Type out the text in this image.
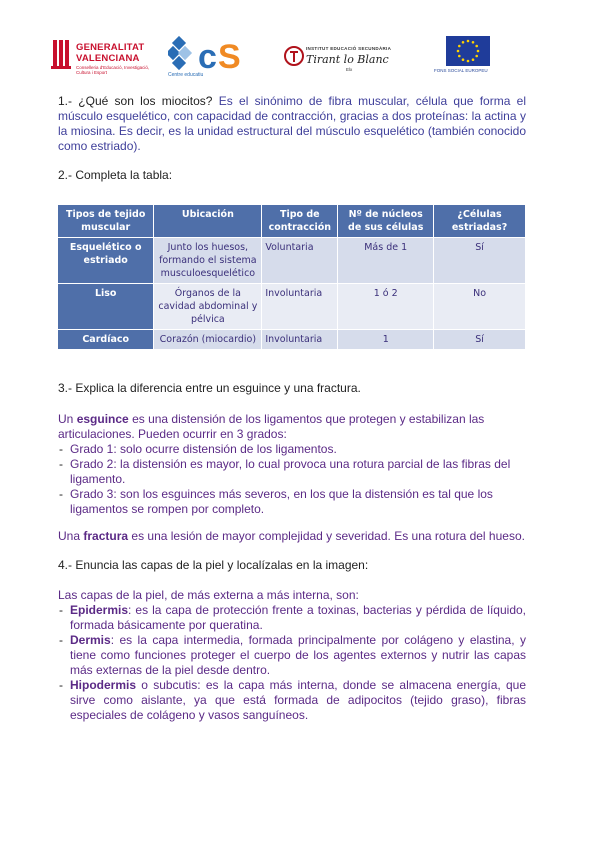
GENERALITAT
VALENCIANA
Conselleria d'Educació, Investigació, Cultura i Esport	c S
Centre educatiu
INSTITUT EDUCACIÓ SECUNDÀRIA
Tirant lo Blanc
Elx	FONS SOCIAL EUROPEU
1.- ¿Qué son los miocitos? Es el sinónimo de fibra muscular, célula que forma el músculo esquelético, con capacidad de contracción, gracias a dos proteínas: la actina y la miosina. Es decir, es la unidad estructural del músculo esquelético (también conocido como estriado).
2.- Completa la tabla:
Tipos de tejido muscular	Ubicación	Tipo de contracción	Nº de núcleos de sus células	¿Células estriadas?
Esquelético o estriado	Junto los huesos, formando el sistema musculoesquelético	Voluntaria	Más de 1	Sí
Liso	Órganos de la cavidad abdominal y pélvica	Involuntaria	1 ó 2	No
Cardíaco	Corazón (miocardio)	Involuntaria	1	Sí
3.- Explica la diferencia entre un esguince y una fractura.
Un esguince es una distensión de los ligamentos que protegen y estabilizan las articulaciones. Pueden ocurrir en 3 grados:
- Grado 1: solo ocurre distensión de los ligamentos.
- Grado 2: la distensión es mayor, lo cual provoca una rotura parcial de las fibras del ligamento.
- Grado 3: son los esguinces más severos, en los que la distensión es tal que los ligamentos se rompen por completo.
Una fractura es una lesión de mayor complejidad y severidad. Es una rotura del hueso.
4.- Enuncia las capas de la piel y localízalas en la imagen:
Las capas de la piel, de más externa a más interna, son:
- Epidermis: es la capa de protección frente a toxinas, bacterias y pérdida de líquido, formada básicamente por queratina.
- Dermis: es la capa intermedia, formada principalmente por colágeno y elastina, y tiene como funciones proteger el cuerpo de los agentes externos y nutrir las capas más externas de la piel desde dentro.
- Hipodermis o subcutis: es la capa más interna, donde se almacena energía, que sirve como aislante, ya que está formada de adipocitos (tejido graso), fibras especiales de colágeno y vasos sanguíneos.
